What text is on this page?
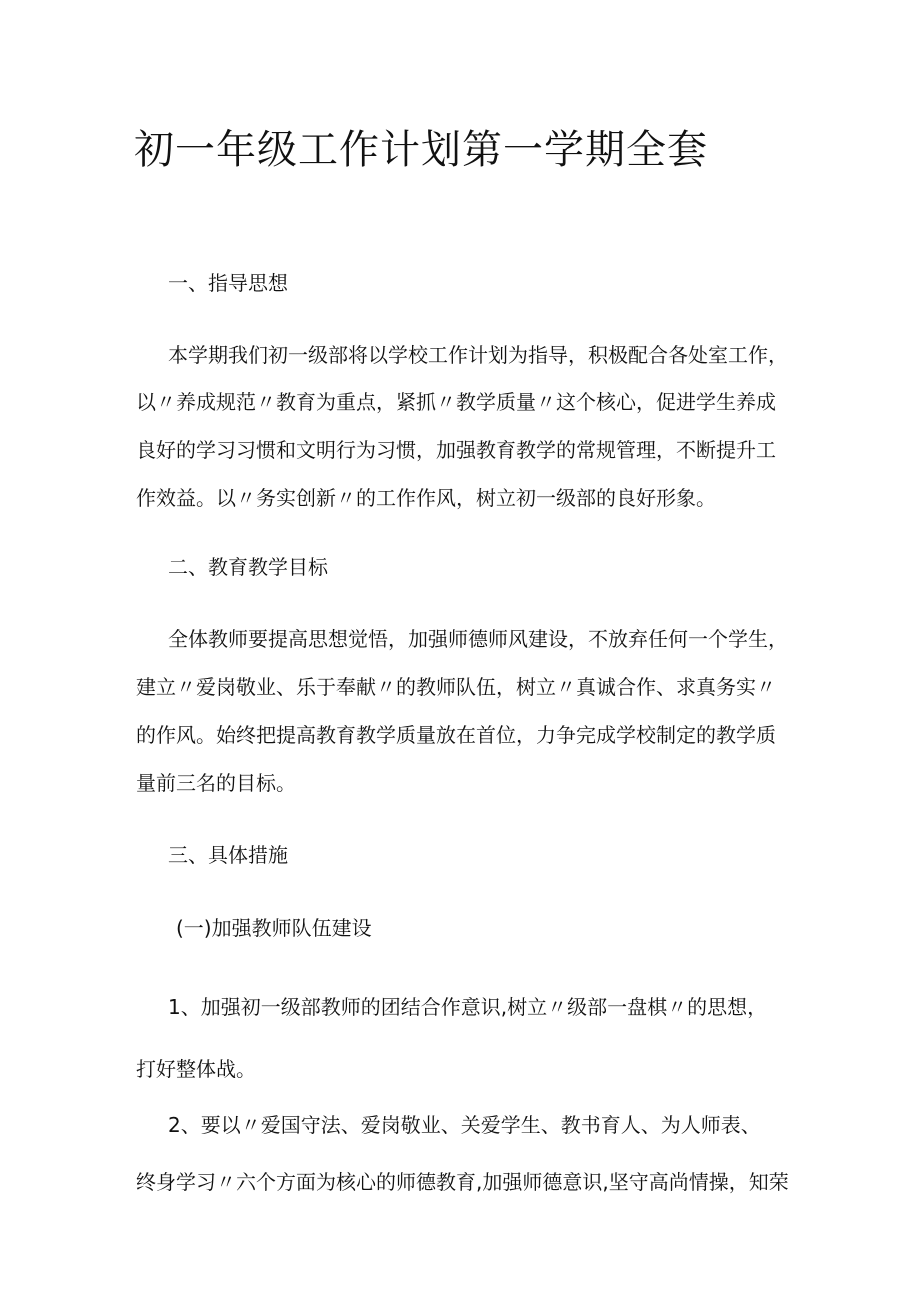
初一年级工作计划第一学期全套
一、指导思想

本学期我们初一级部将以学校工作计划为指导，积极配合各处室工作，

以〃养成规范〃教育为重点，紧抓〃教学质量〃这个核心，促进学生养成

良好的学习习惯和文明行为习惯，加强教育教学的常规管理，不断提升工

作效益。以〃务实创新〃的工作作风，树立初一级部的良好形象。

二、教育教学目标

全体教师要提高思想觉悟，加强师德师风建设，不放弃任何一个学生，

建立〃爱岗敬业、乐于奉献〃的教师队伍，树立〃真诚合作、求真务实〃

的作风。始终把提高教育教学质量放在首位，力争完成学校制定的教学质

量前三名的目标。

三、具体措施

(一)加强教师队伍建设

1、加强初一级部教师的团结合作意识,树立〃级部一盘棋〃的思想，

打好整体战。

2、要以〃爱国守法、爱岗敬业、关爱学生、教书育人、为人师表、

终身学习〃六个方面为核心的师德教育,加强师德意识,坚守高尚情操，知荣
